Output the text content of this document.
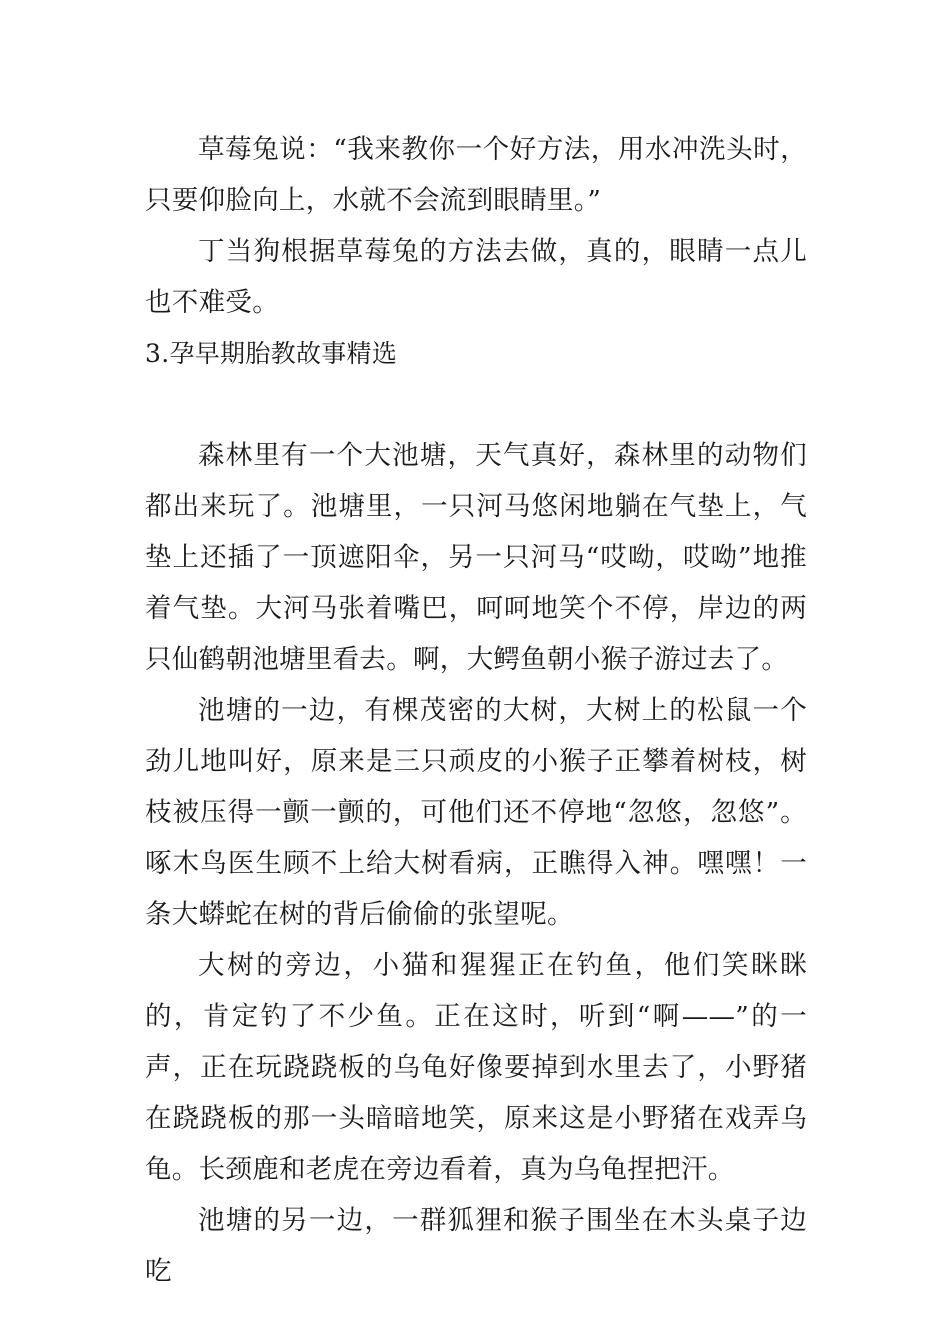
草莓兔说：“我来教你一个好方法，用水冲洗头时，只要仰脸向上，水就不会流到眼睛里。”

丁当狗根据草莓兔的方法去做，真的，眼睛一点儿也不难受。

3.孕早期胎教故事精选

森林里有一个大池塘，天气真好，森林里的动物们都出来玩了。池塘里，一只河马悠闲地躺在气垫上，气垫上还插了一顶遮阳伞，另一只河马“哎呦，哎呦”地推着气垫。大河马张着嘴巴，呵呵地笑个不停，岸边的两只仙鹤朝池塘里看去。啊，大鳄鱼朝小猴子游过去了。

池塘的一边，有棵茂密的大树，大树上的松鼠一个劲儿地叫好，原来是三只顽皮的小猴子正攀着树枝，树枝被压得一颤一颤的，可他们还不停地“忽悠，忽悠”。啄木鸟医生顾不上给大树看病，正瞧得入神。嘿嘿！一条大蟒蛇在树的背后偷偷的张望呢。

大树的旁边，小猫和猩猩正在钓鱼，他们笑眯眯的，肯定钓了不少鱼。正在这时，听到“啊——”的一声，正在玩跷跷板的乌龟好像要掉到水里去了，小野猪在跷跷板的那一头暗暗地笑，原来这是小野猪在戏弄乌龟。长颈鹿和老虎在旁边看着，真为乌龟捏把汗。

池塘的另一边，一群狐狸和猴子围坐在木头桌子边吃
